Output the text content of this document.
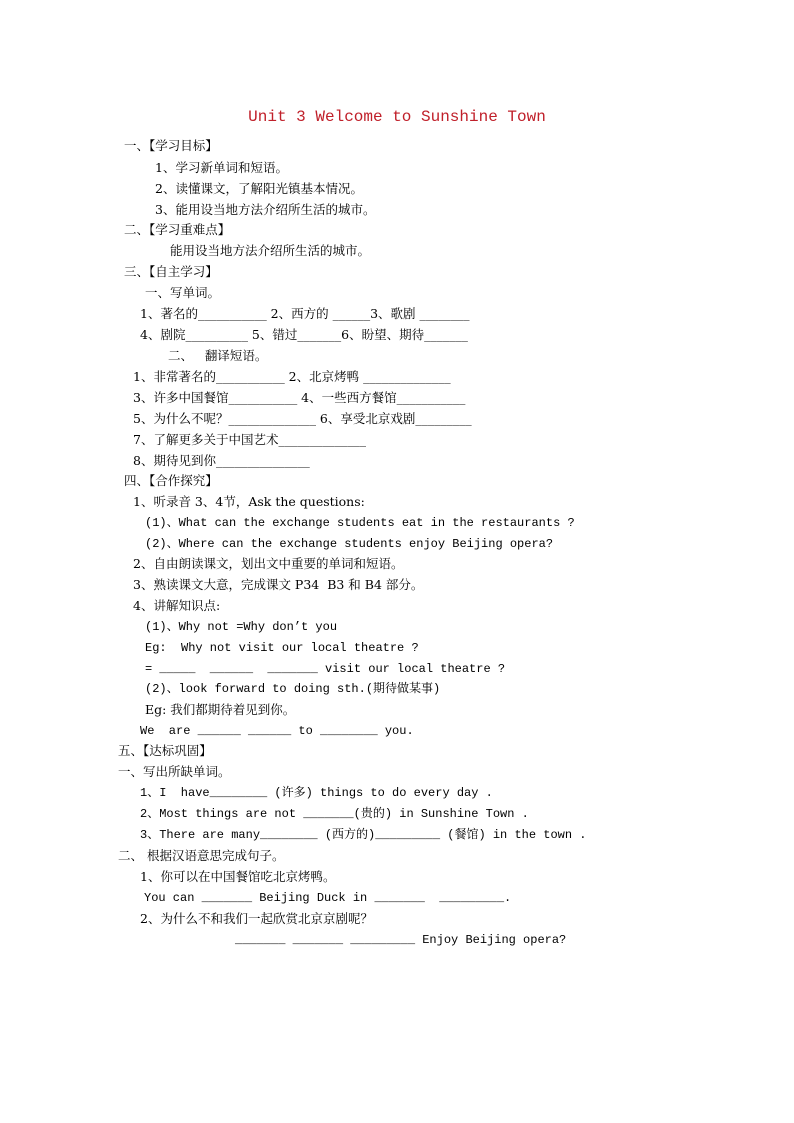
Unit 3 Welcome to Sunshine Town
一、【学习目标】
1、学习新单词和短语。
2、读懂课文，了解阳光镇基本情况。
3、能用设当地方法介绍所生活的城市。
二、【学习重难点】
能用设当地方法介绍所生活的城市。
三、【自主学习】
一、写单词。
1、著名的___________ 2、西方的 ______3、歌剧 ________
4、剧院__________ 5、错过_______6、盼望、期待_______
二、   翻译短语。
1、非常著名的___________ 2、北京烤鸭 ______________
3、许多中国餐馆___________ 4、一些西方餐馆___________
5、为什么不呢？______________ 6、享受北京戏剧_________
7、了解更多关于中国艺术______________
8、期待见到你_______________
四、【合作探究】
1、听录音 3、4节，Ask the questions:
(1)、What can the exchange students eat in the restaurants ?
(2)、Where can the exchange students enjoy Beijing opera?
2、自由朗读课文，划出文中重要的单词和短语。
3、熟读课文大意，完成课文 P34  B3 和 B4 部分。
4、讲解知识点:
(1)、Why not =Why don’t you
Eg:  Why not visit our local theatre ?
= _____  ______  _______ visit our local theatre ?
(2)、look forward to doing sth.(期待做某事)
Eg: 我们都期待着见到你。
We  are ______ ______ to ________ you.
五、【达标巩固】
一、写出所缺单词。
1、I  have________ (许多) things to do every day .
2、Most things are not _______(贵的) in Sunshine Town .
3、There are many________ (西方的)_________ (餐馆) in the town .
二、 根据汉语意思完成句子。
1、你可以在中国餐馆吃北京烤鸭。
You can _______ Beijing Duck in _______  _________.
2、为什么不和我们一起欣赏北京京剧呢？
_______ _______ _________ Enjoy Beijing opera?
